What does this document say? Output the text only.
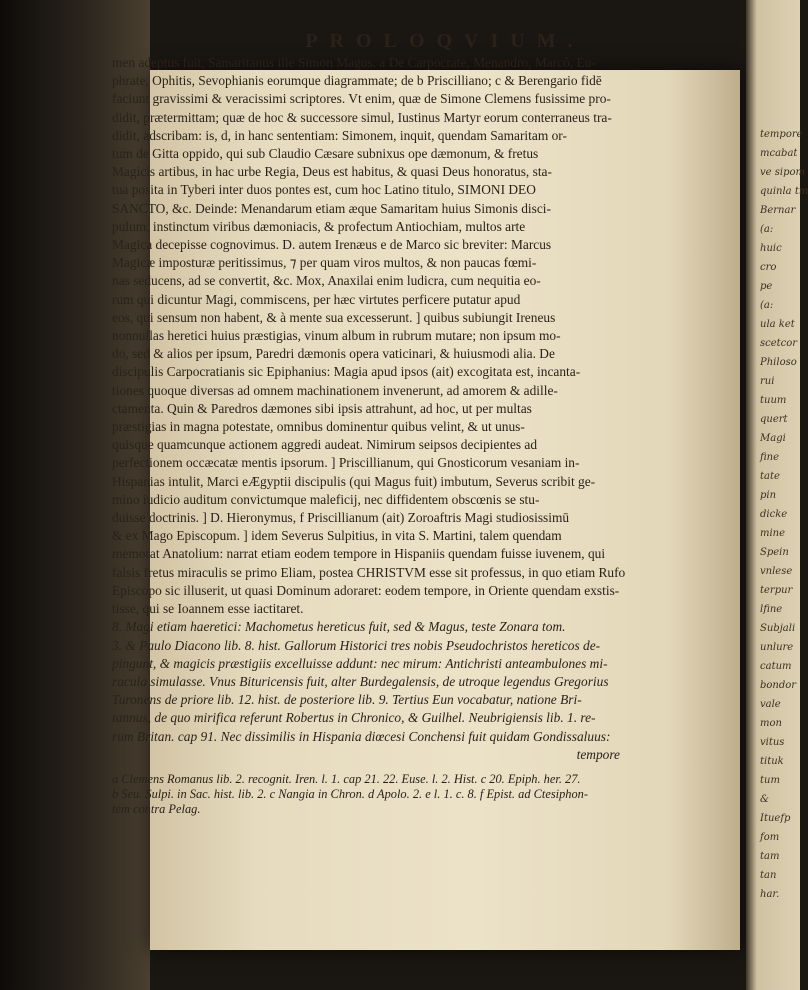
PROLOQVIUM.
men adeptus fuit, Samaritanus ille Simon Magus. a De Carpocrate, Menandro, Marcô, Eu-
phrate, Ophitis, Sevophianis eorumque diagrammate; de b Priscilliano; c & Berengario fidē
faciunt gravissimi & veracissimi scriptores. Vt enim, quæ de Simone Clemens fusissime pro-
didit, prætermittam; quæ de hoc & successore simul, Iustinus Martyr eorum conterraneus tra-
didit, adscribam: is, d, in hanc sententiam: Simonem, inquit, quendam Samaritam or-
tum de Gitta oppido, qui sub Claudio Cæsare subnixus ope dæmonum, & fretus
Magicis artibus, in hac urbe Regia, Deus est habitus, & quasi Deus honoratus, sta-
tua posita in Tyberi inter duos pontes est, cum hoc Latino titulo, SIMONI DEO
SANCTO, &c. Deinde: Menandarum etiam æque Samaritam huius Simonis disci-
pulum, instinctum viribus dæmoniacis, & profectum Antiochiam, multos arte
Magica decepisse cognovimus. D. autem Irenæus e de Marco sic breviter: Marcus
Magicæ imposturæ peritissimus, ⁊ per quam viros multos, & non paucas fœmi-
nas seducens, ad se convertit, &c. Mox, Anaxilai enim ludicra, cum nequitia eo-
rum qui dicuntur Magi, commiscens, per hæc virtutes perficere putatur apud
eos, qui sensum non habent, & à mente sua excesserunt. ] quibus subiungit Ireneus
nonnullas heretici huius præstigias, vinum album in rubrum mutare; non ipsum mo-
do, sed & alios per ipsum, Paredri dæmonis opera vaticinari, & huiusmodi alia. De
discipulis Carpocratianis sic Epiphanius: Magia apud ipsos (ait) excogitata est, incanta-
tiones quoque diversas ad omnem machinationem invenerunt, ad amorem & adille-
ctamenta. Quin & Paredros dæmones sibi ipsis attrahunt, ad hoc, ut per multas
præstigias in magna potestate, omnibus dominentur quibus velint, & ut unus-
quisque quamcunque actionem aggredi audeat. Nimirum seipsos decipientes ad
perfectionem occæcatæ mentis ipsorum. ] Priscillianum, qui Gnosticorum vesaniam in-
Hispanias intulit, Marci eÆgyptii discipulis (qui Magus fuit) imbutum, Severus scribit ge-
mino iudicio auditum convictumque maleficij, nec diffidentem obscœnis se stu-
duisse doctrinis. ] D. Hieronymus, f Priscillianum (ait) Zoroaftris Magi studiosissimū
& ex Mago Episcopum. ] idem Severus Sulpitius, in vita S. Martini, talem quendam
memorat Anatolium: narrat etiam eodem tempore in Hispaniis quendam fuisse iuvenem, qui
falsis fretus miraculis se primo Eliam, postea CHRISTVM esse sit professus, in quo etiam Rufo
Episcopo sic illuserit, ut quasi Dominum adoraret: eodem tempore, in Oriente quendam exstis-
tisse, qui se Ioannem esse iactitaret.
8. Magi etiam haeretici: Machometus hereticus fuit, sed & Magus, teste Zonara tom.
3. & Paulo Diacono lib. 8. hist. Gallorum Historici tres nobis Pseudochristos hereticos de-
pingunt, & magicis præstigiis excelluisse addunt: nec mirum: Antichristi anteambulones mi-
racula simulasse. Vnus Bituricensis fuit, alter Burdegalensis, de utroque legendus Gregorius
Turonens de priore lib. 12. hist. de posteriore lib. 9. Tertius Eun vocabatur, natione Bri-
tannus, de quo mirifica referunt Robertus in Chronico, & Guilhel. Neubrigiensis lib. 1. re-
rum Britan. cap 91. Nec dissimilis in Hispania diœcesi Conchensi fuit quidam Gondissaluus:
tempore
a Clemens Romanus lib. 2. recognit. Iren. l. 1. cap 21. 22. Euse. l. 2. Hist. c 20. Epiph. her. 27.
b Seu. Sulpi. in Sac. hist. lib. 2. c Nangia in Chron. d Apolo. 2. e l. 1. c. 8. f Epist. ad Ctesiphon-
tem contra Pelag.
tempore
mcabat
ve sipom
quinla tm
Bernar
(a:
huic
cro
pe
(a:
ula ket
scetcor
Philoso
rui
tuum
quert
Magi
fine
tate
pin
dicke
mine
Spein
vnlese
terpur
lfine
Subjali
unlure
catum
bondor
vale
mon
vitus
tituk
tum
&
Ituefp
fom
tam
tan
har.
